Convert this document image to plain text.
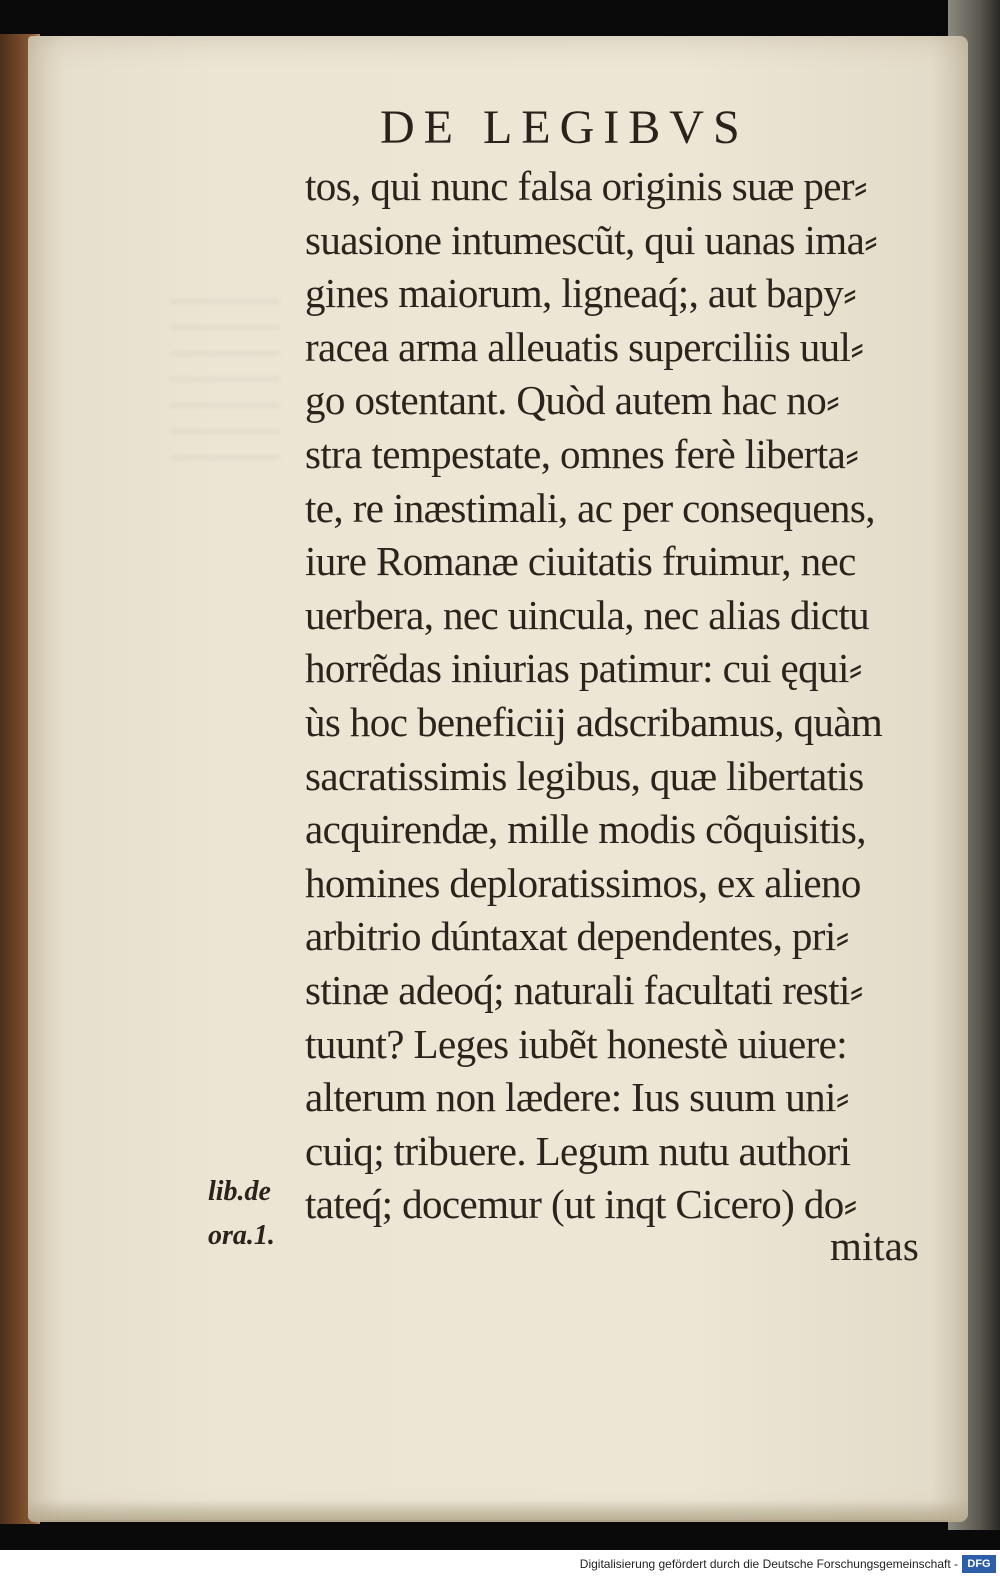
DE LEGIBVS
tos, qui nunc falsa originis suæ per⸗
suasione intumescũt, qui uanas ima⸗
gines maiorum, ligneaq́;, aut bapy⸗
racea arma alleuatis superciliis uul⸗
go ostentant. Quòd autem hac no⸗
stra tempestate, omnes ferè liberta⸗
te, re inæstimali, ac per consequens,
iure Romanæ ciuitatis fruimur, nec
uerbera, nec uincula, nec alias dictu
horrẽdas iniurias patimur: cui ęqui⸗
ùs hoc beneficiĳ adscribamus, quàm
sacratissimis legibus, quæ libertatis
acquirendæ, mille modis cõquisitis,
homines deploratissimos, ex alieno
arbitrio dúntaxat dependentes, pri⸗
stinæ adeoq́; naturali facultati resti⸗
tuunt? Leges iubẽt honestè uiuere:
alterum non lædere: Ius suum uni⸗
cuiq; tribuere. Legum nutu authori
tateq́; docemur (ut inqt Cicero) do⸗
mitas
lib.de
ora.1.
Digitalisierung gefördert durch die Deutsche Forschungsgemeinschaft - DFG
